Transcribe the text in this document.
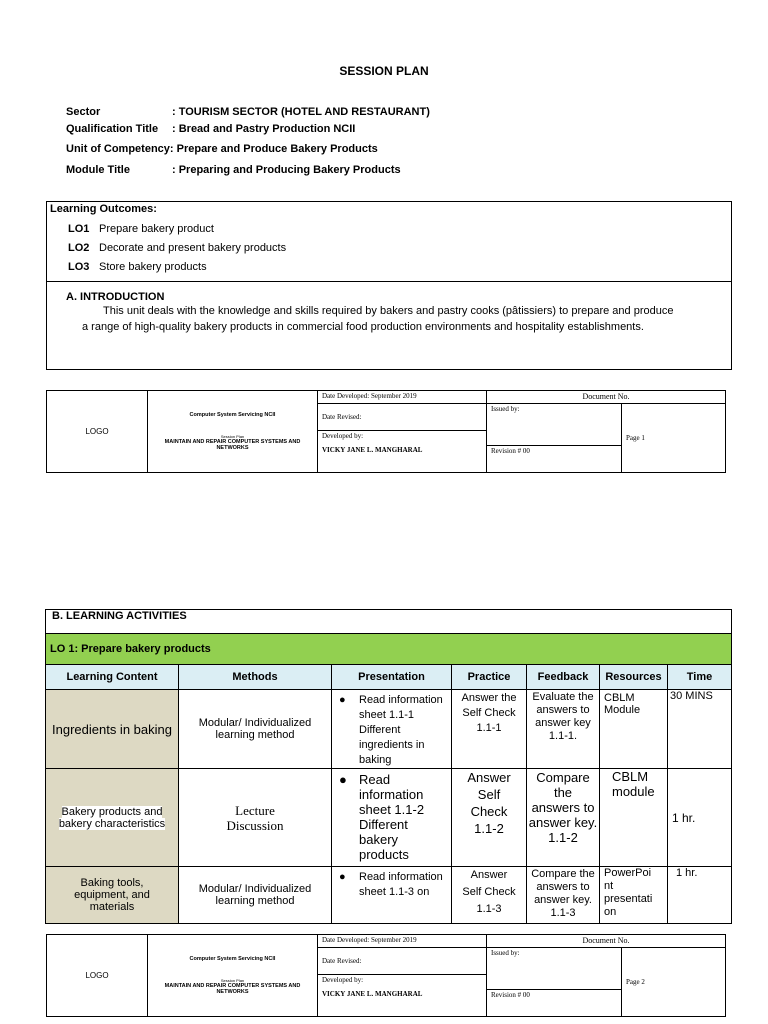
SESSION PLAN
Sector	: TOURISM SECTOR (HOTEL AND RESTAURANT)
Qualification Title : Bread and Pastry Production NCII
Unit of Competency: Prepare and Produce Bakery Products
Module Title	: Preparing and Producing Bakery Products
Learning Outcomes:
LO1 Prepare bakery product
LO2 Decorate and present bakery products
LO3 Store bakery products
A. INTRODUCTION
This unit deals with the knowledge and skills required by bakers and pastry cooks (pâtissiers) to prepare and produce
a range of high-quality bakery products in commercial food production environments and hospitality establishments.
LOGO	Computer System Servicing NCII
Session Plan
MAINTAIN AND REPAIR COMPUTER SYSTEMS AND NETWORKS	Date Developed: September 2019	Document No.	
		Date Revised:	Issued by:	Page 1

		Developed by:
VICKY JANE L. MANGHARAL		

			Revision # 00	
B. LEARNING ACTIVITIES						
LO 1: Prepare bakery products						
Learning Content	Methods	Presentation	Practice	Feedback	Resources	Time
Ingredients in baking	Modular/ Individualized learning method	● Read information sheet 1.1-1 Different ingredients in baking	Answer the Self Check 1.1-1	Evaluate the answers to answer key 1.1-1.	CBLM Module	30 MINS
Bakery products and bakery characteristics	Lecture Discussion	● Read information sheet 1.1-2 Different bakery products	Answer Self Check 1.1-2	Compare the answers to answer key. 1.1-2	CBLM module	1 hr.
Baking tools, equipment, and materials	Modular/ Individualized learning method	● Read information sheet 1.1-3 on	Answer Self Check 1.1-3	Compare the answers to answer key. 1.1-3	PowerPoi nt presentati on	1 hr.
LOGO	Computer System Servicing NCII
Session Plan
MAINTAIN AND REPAIR COMPUTER SYSTEMS AND NETWORKS	Date Developed: September 2019	Document No.	
		Date Revised:	Issued by:	Page 2

		Developed by:
VICKY JANE L. MANGHARAL		

			Revision # 00	
